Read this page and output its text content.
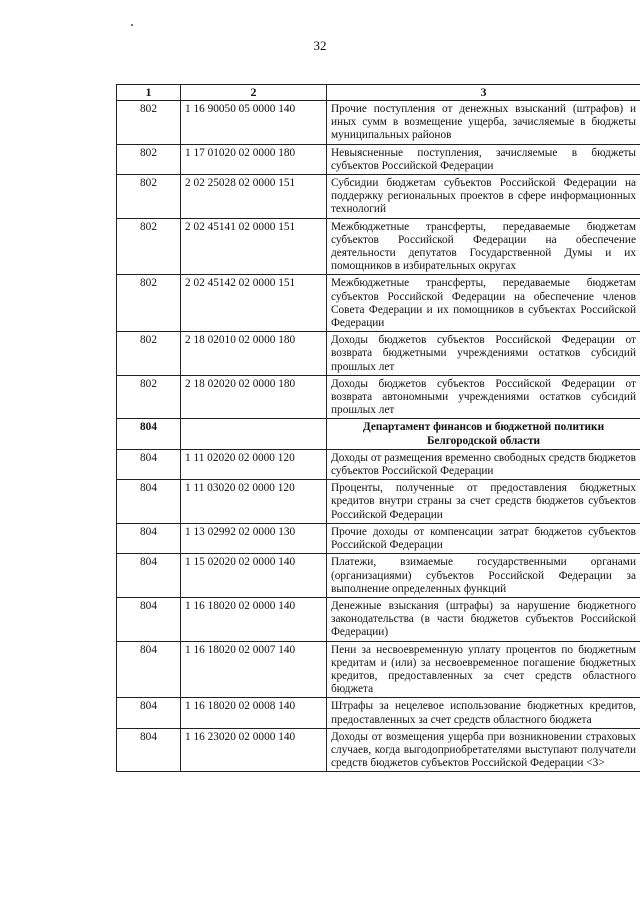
32
1	2	3
802	1 16 90050 05 0000 140	Прочие поступления от денежных взысканий (штрафов) и иных сумм в возмещение ущерба, зачисляемые в бюджеты муниципальных районов
802	1 17 01020 02 0000 180	Невыясненные поступления, зачисляемые в бюджеты субъектов Российской Федерации
802	2 02 25028 02 0000 151	Субсидии бюджетам субъектов Российской Федерации на поддержку региональных проектов в сфере информационных технологий
802	2 02 45141 02 0000 151	Межбюджетные трансферты, передаваемые бюджетам субъектов Российской Федерации на обеспечение деятельности депутатов Государственной Думы и их помощников в избирательных округах
802	2 02 45142 02 0000 151	Межбюджетные трансферты, передаваемые бюджетам субъектов Российской Федерации на обеспечение членов Совета Федерации и их помощников в субъектах Российской Федерации
802	2 18 02010 02 0000 180	Доходы бюджетов субъектов Российской Федерации от возврата бюджетными учреждениями остатков субсидий прошлых лет
802	2 18 02020 02 0000 180	Доходы бюджетов субъектов Российской Федерации от возврата автономными учреждениями остатков субсидий прошлых лет
804		Департамент финансов и бюджетной политики Белгородской области
804	1 11 02020 02 0000 120	Доходы от размещения временно свободных средств бюджетов субъектов Российской Федерации
804	1 11 03020 02 0000 120	Проценты, полученные от предоставления бюджетных кредитов внутри страны за счет средств бюджетов субъектов Российской Федерации
804	1 13 02992 02 0000 130	Прочие доходы от компенсации затрат бюджетов субъектов Российской Федерации
804	1 15 02020 02 0000 140	Платежи, взимаемые государственными органами (организациями) субъектов Российской Федерации за выполнение определенных функций
804	1 16 18020 02 0000 140	Денежные взыскания (штрафы) за нарушение бюджетного законодательства (в части бюджетов субъектов Российской Федерации)
804	1 16 18020 02 0007 140	Пени за несвоевременную уплату процентов по бюджетным кредитам и (или) за несвоевременное погашение бюджетных кредитов, предоставленных за счет средств областного бюджета
804	1 16 18020 02 0008 140	Штрафы за нецелевое использование бюджетных кредитов, предоставленных за счет средств областного бюджета
804	1 16 23020 02 0000 140	Доходы от возмещения ущерба при возникновении страховых случаев, когда выгодоприобретателями выступают получатели средств бюджетов субъектов Российской Федерации <3>
